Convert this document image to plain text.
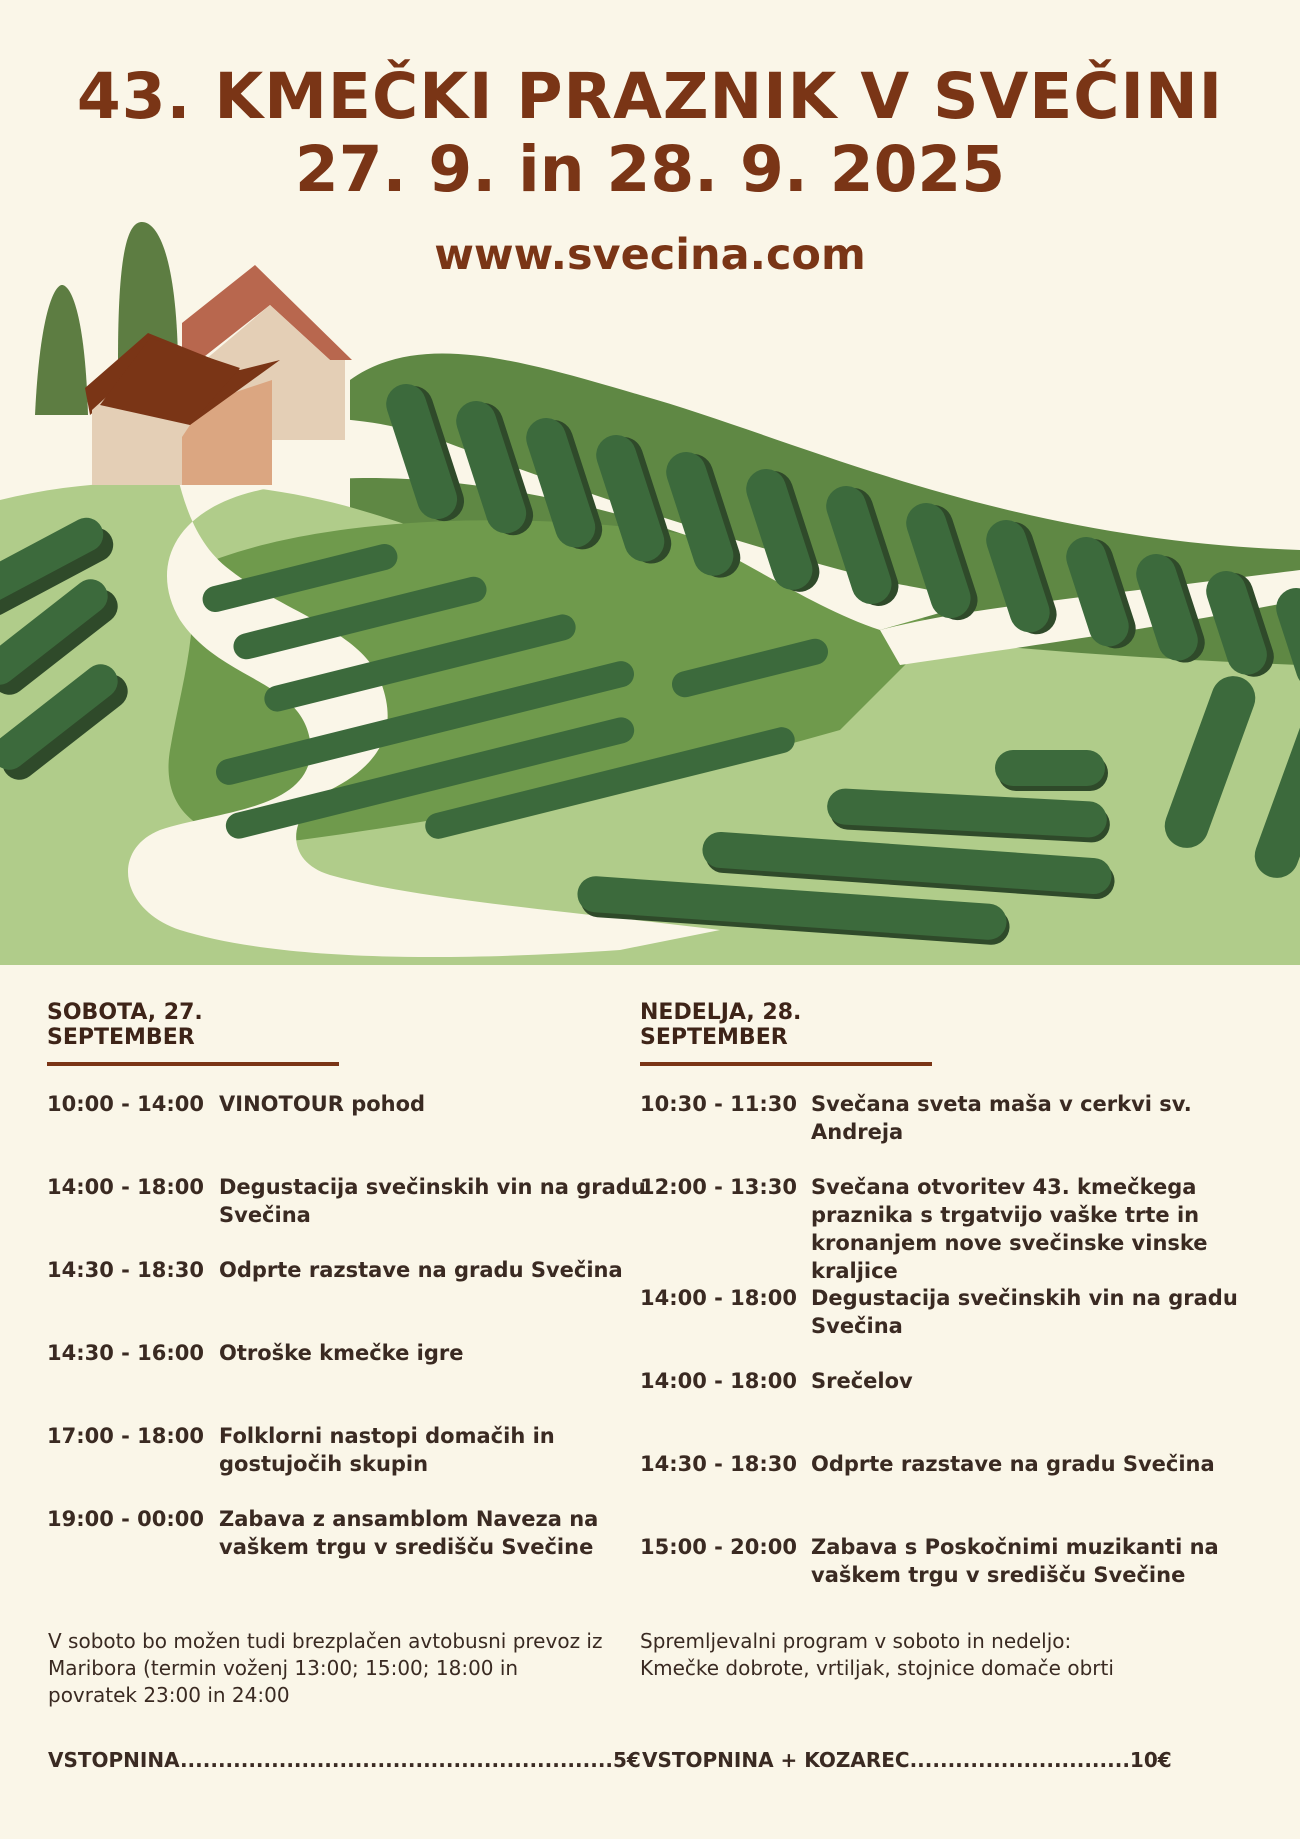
43. KMEČKI PRAZNIK V SVEČINI
27. 9. in 28. 9. 2025
www.svecina.com
SOBOTA, 27. SEPTEMBER
NEDELJA, 28. SEPTEMBER
10:00 - 14:00 VINOTOUR pohod
14:00 - 18:00 Degustacija svečinskih vin na gradu Svečina
14:30 - 18:30 Odprte razstave na gradu Svečina
14:30 - 16:00 Otroške kmečke igre
17:00 - 18:00 Folklorni nastopi domačih in gostujočih skupin
19:00 - 00:00 Zabava z ansamblom Naveza na vaškem trgu v središču Svečine
10:30 - 11:30 Svečana sveta maša v cerkvi sv. Andreja
12:00 - 13:30 Svečana otvoritev 43. kmečkega praznika s trgatvijo vaške trte in kronanjem nove svečinske vinske kraljice
14:00 - 18:00 Degustacija svečinskih vin na gradu Svečina
14:00 - 18:00 Srečelov
14:30 - 18:30 Odprte razstave na gradu Svečina
15:00 - 20:00 Zabava s Poskočnimi muzikanti na vaškem trgu v središču Svečine
V soboto bo možen tudi brezplačen avtobusni prevoz iz Maribora (termin voženj 13:00; 15:00; 18:00 in povratek 23:00 in 24:00
Spremljevalni program v soboto in nedeljo:
Kmečke dobrote, vrtiljak, stojnice domače obrti
VSTOPNINA.........................................................5€ VSTOPNINA + KOZAREC.............................10€
